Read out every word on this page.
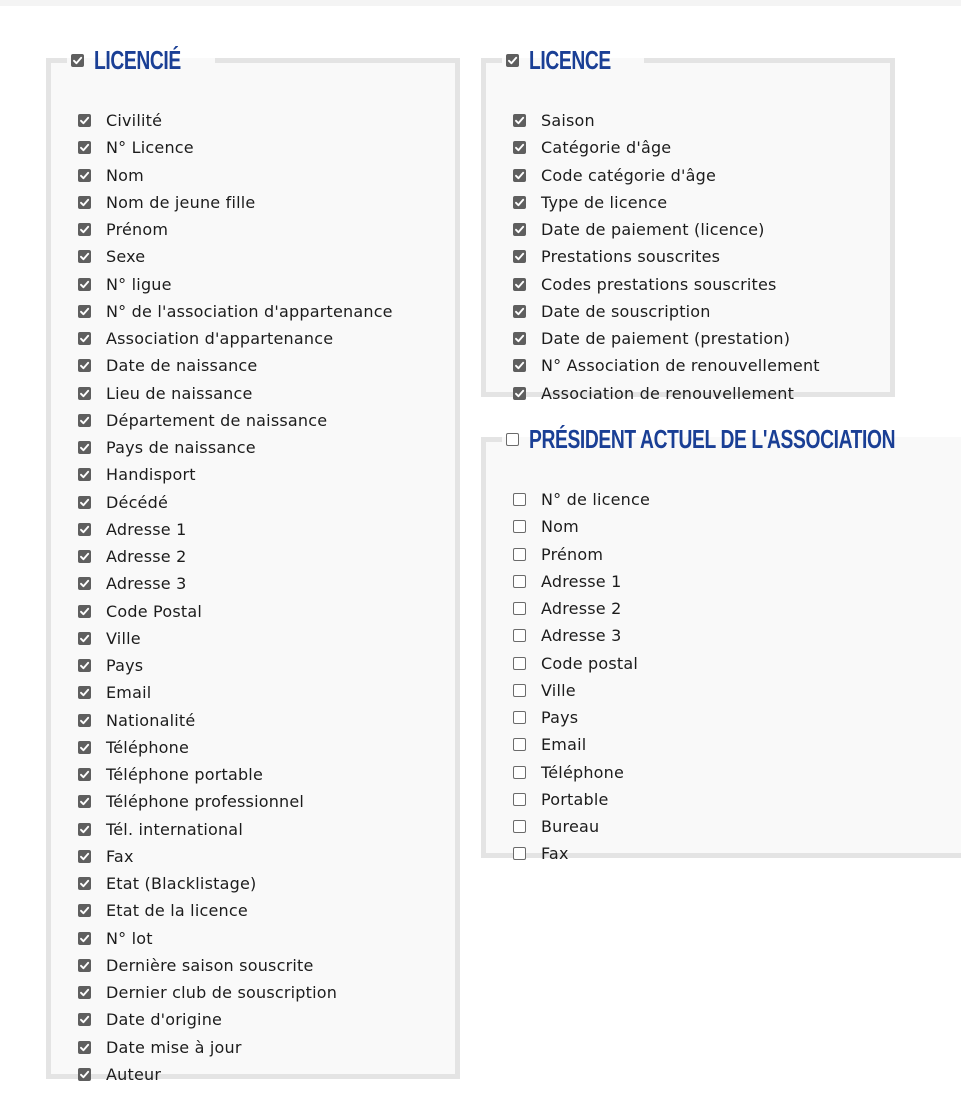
LICENCIÉ
Civilité
N° Licence
Nom
Nom de jeune fille
Prénom
Sexe
N° ligue
N° de l'association d'appartenance
Association d'appartenance
Date de naissance
Lieu de naissance
Département de naissance
Pays de naissance
Handisport
Décédé
Adresse 1
Adresse 2
Adresse 3
Code Postal
Ville
Pays
Email
Nationalité
Téléphone
Téléphone portable
Téléphone professionnel
Tél. international
Fax
Etat (Blacklistage)
Etat de la licence
N° lot
Dernière saison souscrite
Dernier club de souscription
Date d'origine
Date mise à jour
Auteur
LICENCE
Saison
Catégorie d'âge
Code catégorie d'âge
Type de licence
Date de paiement (licence)
Prestations souscrites
Codes prestations souscrites
Date de souscription
Date de paiement (prestation)
N° Association de renouvellement
Association de renouvellement
PRÉSIDENT ACTUEL DE L'ASSOCIATION
N° de licence
Nom
Prénom
Adresse 1
Adresse 2
Adresse 3
Code postal
Ville
Pays
Email
Téléphone
Portable
Bureau
Fax
